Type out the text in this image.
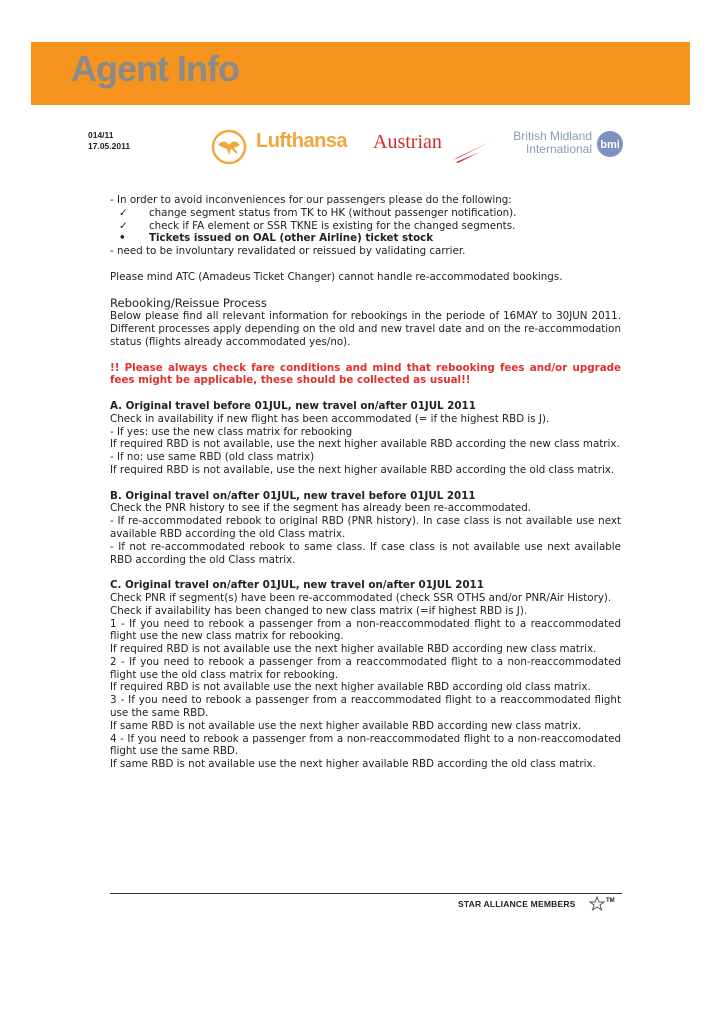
Agent Info
014/11
17.05.2011	Lufthansa Austrian	British Midland
International bmi

- In order to avoid inconveniences for our passengers please do the following:

✓ change segment status from TK to HK (without passenger notification).
✓ check if FA element or SSR TKNE is existing for the changed segments.
• Tickets issued on OAL (other Airline) ticket stock

- need to be involuntary revalidated or reissued by validating carrier.

Please mind ATC (Amadeus Ticket Changer) cannot handle re-accommodated bookings.

Rebooking/Reissue Process

Below please find all relevant information for rebookings in the periode of 16MAY to 30JUN 2011. Different processes apply depending on the old and new travel date and on the re-accommodation status (flights already accommodated yes/no).

!! Please always check fare conditions and mind that rebooking fees and/or upgrade fees might be applicable, these should be collected as usual!!

A. Original travel before 01JUL, new travel on/after 01JUL 2011

Check in availability if new flight has been accommodated (= if the highest RBD is J).

- If yes: use the new class matrix for rebooking

If required RBD is not available, use the next higher available RBD according the new class matrix.

- If no: use same RBD (old class matrix)

If required RBD is not available, use the next higher available RBD according the old class matrix.

B. Original travel on/after 01JUL, new travel before 01JUL 2011

Check the PNR history to see if the segment has already been re-accommodated.

- If re-accommodated rebook to original RBD (PNR history). In case class is not available use next available RBD according the old Class matrix.

- If not re-accommodated rebook to same class. If case class is not available use next available RBD according the old Class matrix.

C. Original travel on/after 01JUL, new travel on/after 01JUL 2011

Check PNR if segment(s) have been re-accommodated (check SSR OTHS and/or PNR/Air History).

Check if availability has been changed to new class matrix (=if highest RBD is J).

1 - If you need to rebook a passenger from a non-reaccommodated flight to a reaccommodated flight use the new class matrix for rebooking.

If required RBD is not available use the next higher available RBD according new class matrix.

2 - If you need to rebook a passenger from a reaccommodated flight to a non-reaccommodated flight use the old class matrix for rebooking.

If required RBD is not available use the next higher available RBD according old class matrix.

3 - If you need to rebook a passenger from a reaccommodated flight to a reaccommodated flight use the same RBD.

If same RBD is not available use the next higher available RBD according new class matrix.

4 - If you need to rebook a passenger from a non-reaccommodated flight to a non-reaccomodated flight use the same RBD.

If same RBD is not available use the next higher available RBD according the old class matrix.

STAR ALLIANCE MEMBERS	TM
